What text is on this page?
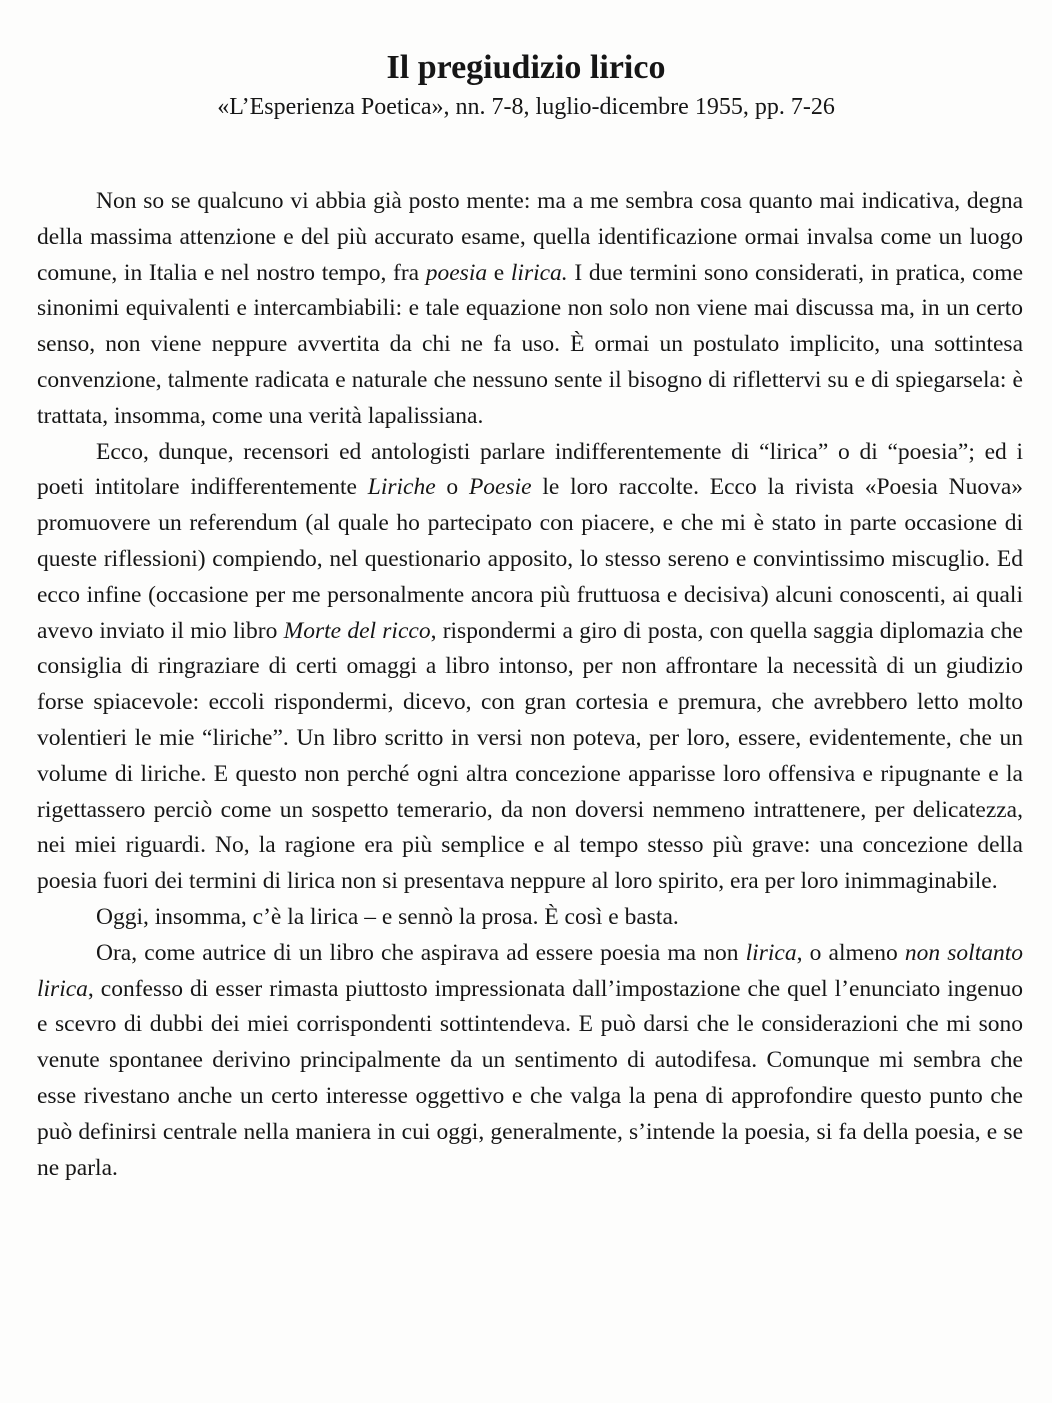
Il pregiudizio lirico
«L’Esperienza Poetica», nn. 7-8, luglio-dicembre 1955, pp. 7-26

Non so se qualcuno vi abbia già posto mente: ma a me sembra cosa quanto mai indicativa, degna della massima attenzione e del più accurato esame, quella identificazione ormai invalsa come un luogo comune, in Italia e nel nostro tempo, fra poesia e lirica. I due termini sono considerati, in pratica, come sinonimi equivalenti e intercambiabili: e tale equazione non solo non viene mai discussa ma, in un certo senso, non viene neppure avvertita da chi ne fa uso. È ormai un postulato implicito, una sottintesa convenzione, talmente radicata e naturale che nessuno sente il bisogno di riflettervi su e di spiegarsela: è trattata, insomma, come una verità lapalissiana.

Ecco, dunque, recensori ed antologisti parlare indifferentemente di “lirica” o di “poesia”; ed i poeti intitolare indifferentemente Liriche o Poesie le loro raccolte. Ecco la rivista «Poesia Nuova» promuovere un referendum (al quale ho partecipato con piacere, e che mi è stato in parte occasione di queste riflessioni) compiendo, nel questionario apposito, lo stesso sereno e convintissimo miscuglio. Ed ecco infine (occasione per me personalmente ancora più fruttuosa e decisiva) alcuni conoscenti, ai quali avevo inviato il mio libro Morte del ricco, rispondermi a giro di posta, con quella saggia diplomazia che consiglia di ringraziare di certi omaggi a libro intonso, per non affrontare la necessità di un giudizio forse spiacevole: eccoli rispondermi, dicevo, con gran cortesia e premura, che avrebbero letto molto volentieri le mie “liriche”. Un libro scritto in versi non poteva, per loro, essere, evidentemente, che un volume di liriche. E questo non perché ogni altra concezione apparisse loro offensiva e ripugnante e la rigettassero perciò come un sospetto temerario, da non doversi nemmeno intrattenere, per delicatezza, nei miei riguardi. No, la ragione era più semplice e al tempo stesso più grave: una concezione della poesia fuori dei termini di lirica non si presentava neppure al loro spirito, era per loro inimmaginabile.

Oggi, insomma, c’è la lirica – e sennò la prosa. È così e basta.

Ora, come autrice di un libro che aspirava ad essere poesia ma non lirica, o almeno non soltanto lirica, confesso di esser rimasta piuttosto impressionata dall’impostazione che quel l’enunciato ingenuo e scevro di dubbi dei miei corrispondenti sottintendeva. E può darsi che le considerazioni che mi sono venute spontanee derivino principalmente da un sentimento di autodifesa. Comunque mi sembra che esse rivestano anche un certo interesse oggettivo e che valga la pena di approfondire questo punto che può definirsi centrale nella maniera in cui oggi, generalmente, s’intende la poesia, si fa della poesia, e se ne parla.
